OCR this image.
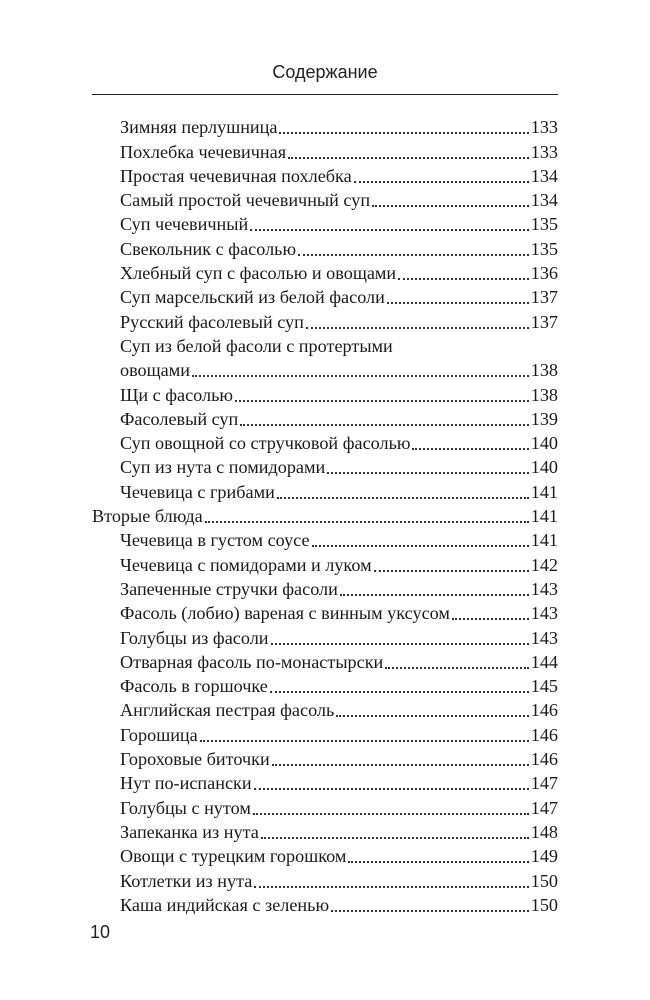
Содержание
Зимняя перлушница	133
Похлебка чечевичная	133
Простая чечевичная похлебка	134
Самый простой чечевичный суп	134
Суп чечевичный	135
Свекольник с фасолью	135
Хлебный суп с фасолью и овощами	136
Суп марсельский из белой фасоли	137
Русский фасолевый суп	137
Суп из белой фасоли с протертыми
овощами	138
Щи с фасолью	138
Фасолевый суп	139
Суп овощной со стручковой фасолью	140
Суп из нута с помидорами	140
Чечевица с грибами	141
Вторые блюда	141
Чечевица в густом соусе	141
Чечевица с помидорами и луком	142
Запеченные стручки фасоли	143
Фасоль (лобио) вареная с винным уксусом	143
Голубцы из фасоли	143
Отварная фасоль по-монастырски	144
Фасоль в горшочке	145
Английская пестрая фасоль	146
Горошица	146
Гороховые биточки	146
Нут по-испански	147
Голубцы с нутом	147
Запеканка из нута	148
Овощи с турецким горошком	149
Котлетки из нута	150
Каша индийская с зеленью	150
10
